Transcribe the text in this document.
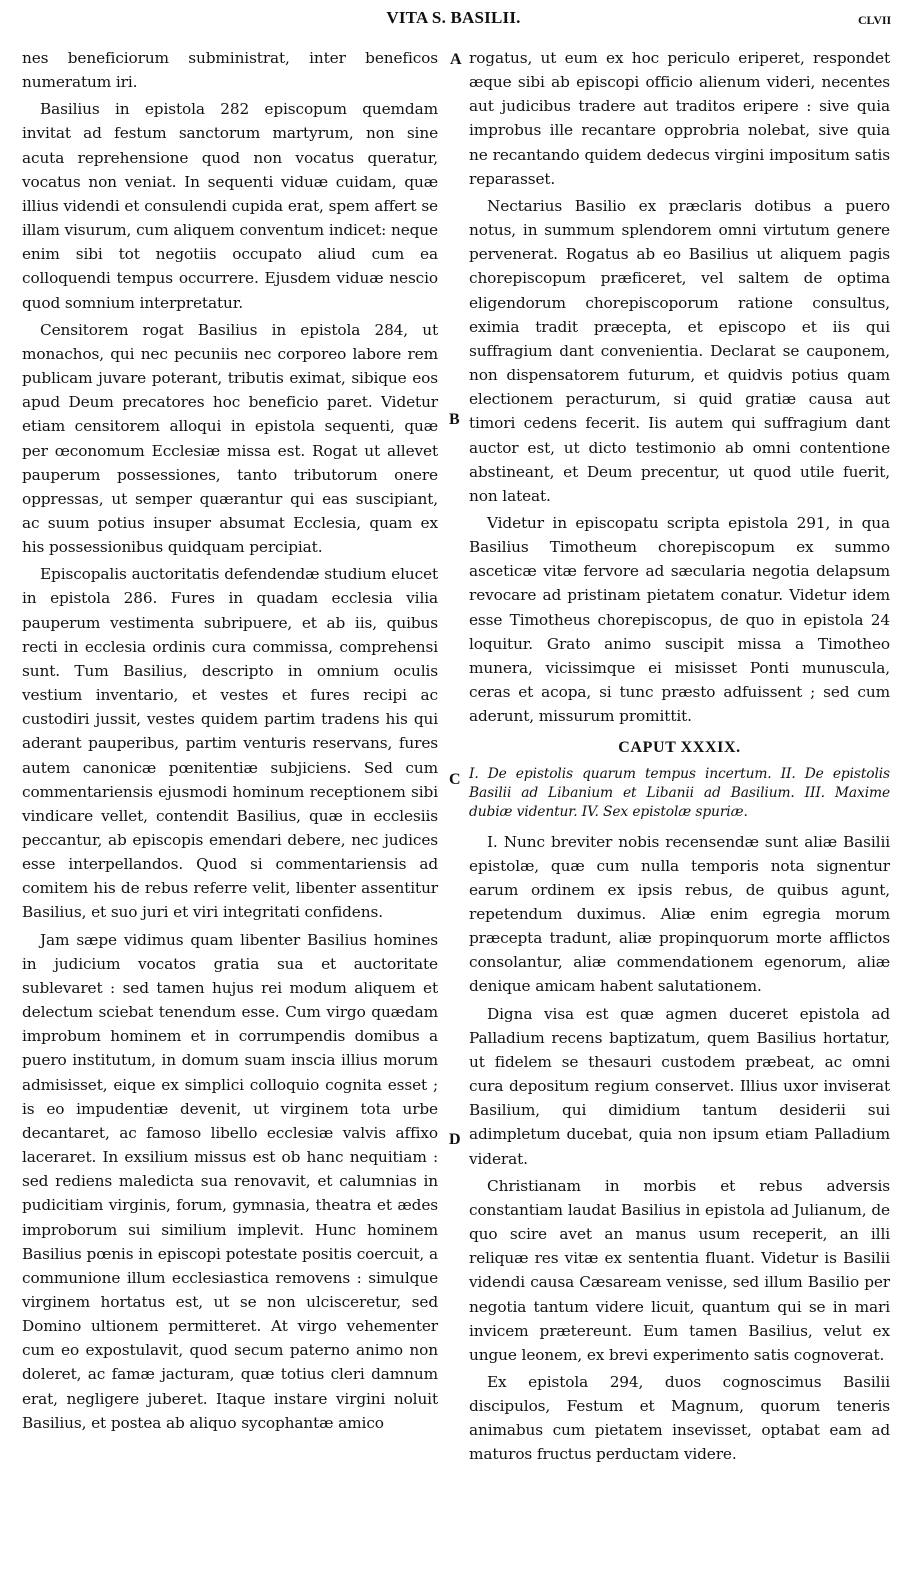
VITA S. BASILII.	CLVII
A
B
C
D

nes beneficiorum subministrat, inter beneficos numeratum iri.

Basilius in epistola 282 episcopum quemdam invitat ad festum sanctorum martyrum, non sine acuta reprehensione quod non vocatus queratur, vocatus non veniat. In sequenti viduæ cuidam, quæ illius videndi et consulendi cupida erat, spem affert se illam visurum, cum aliquem conventum indicet: neque enim sibi tot negotiis occupato aliud cum ea colloquendi tempus occurrere. Ejusdem viduæ nescio quod somnium interpretatur.

Censitorem rogat Basilius in epistola 284, ut monachos, qui nec pecuniis nec corporeo labore rem publicam juvare poterant, tributis eximat, sibique eos apud Deum precatores hoc beneficio paret. Videtur etiam censitorem alloqui in epistola sequenti, quæ per œconomum Ecclesiæ missa est. Rogat ut allevet pauperum possessiones, tanto tributorum onere oppressas, ut semper quærantur qui eas suscipiant, ac suum potius insuper absumat Ecclesia, quam ex his possessionibus quidquam percipiat.

Episcopalis auctoritatis defendendæ studium elucet in epistola 286. Fures in quadam ecclesia vilia pauperum vestimenta subripuere, et ab iis, quibus recti in ecclesia ordinis cura commissa, comprehensi sunt. Tum Basilius, descripto in omnium oculis vestium inventario, et vestes et fures recipi ac custodiri jussit, vestes quidem partim tradens his qui aderant pauperibus, partim venturis reservans, fures autem canonicæ pœnitentiæ subjiciens. Sed cum commentariensis ejusmodi hominum receptionem sibi vindicare vellet, contendit Basilius, quæ in ecclesiis peccantur, ab episcopis emendari debere, nec judices esse interpellandos. Quod si commentariensis ad comitem his de rebus referre velit, libenter assentitur Basilius, et suo juri et viri integritati confidens.

Jam sæpe vidimus quam libenter Basilius homines in judicium vocatos gratia sua et auctoritate sublevaret : sed tamen hujus rei modum aliquem et delectum sciebat tenendum esse. Cum virgo quædam improbum hominem et in corrumpendis domibus a puero institutum, in domum suam inscia illius morum admisisset, eique ex simplici colloquio cognita esset ; is eo impudentiæ devenit, ut virginem tota urbe decantaret, ac famoso libello ecclesiæ valvis affixo laceraret. In exsilium missus est ob hanc nequitiam : sed rediens maledicta sua renovavit, et calumnias in pudicitiam virginis, forum, gymnasia, theatra et ædes improborum sui similium implevit. Hunc hominem Basilius pœnis in episcopi potestate positis coercuit, a communione illum ecclesiastica removens : simulque virginem hortatus est, ut se non ulcisceretur, sed Domino ultionem permitteret. At virgo vehementer cum eo expostulavit, quod secum paterno animo non doleret, ac famæ jacturam, quæ totius cleri damnum erat, negligere juberet. Itaque instare virgini noluit Basilius, et postea ab aliquo sycophantæ amico

rogatus, ut eum ex hoc periculo eriperet, respondet æque sibi ab episcopi officio alienum videri, necentes aut judicibus tradere aut traditos eripere : sive quia improbus ille recantare opprobria nolebat, sive quia ne recantando quidem dedecus virgini impositum satis reparasset.

Nectarius Basilio ex præclaris dotibus a puero notus, in summum splendorem omni virtutum genere pervenerat. Rogatus ab eo Basilius ut aliquem pagis chorepiscopum præficeret, vel saltem de optima eligendorum chorepiscoporum ratione consultus, eximia tradit præcepta, et episcopo et iis qui suffragium dant convenientia. Declarat se cauponem, non dispensatorem futurum, et quidvis potius quam electionem peracturum, si quid gratiæ causa aut timori cedens fecerit. Iis autem qui suffragium dant auctor est, ut dicto testimonio ab omni contentione abstineant, et Deum precentur, ut quod utile fuerit, non lateat.

Videtur in episcopatu scripta epistola 291, in qua Basilius Timotheum chorepiscopum ex summo asceticæ vitæ fervore ad sæcularia negotia delapsum revocare ad pristinam pietatem conatur. Videtur idem esse Timotheus chorepiscopus, de quo in epistola 24 loquitur. Grato animo suscipit missa a Timotheo munera, vicissimque ei misisset Ponti munuscula, ceras et acopa, si tunc præsto adfuissent ; sed cum aderunt, missurum promittit.

CAPUT XXXIX.
I. De epistolis quarum tempus incertum. II. De epistolis Basilii ad Libanium et Libanii ad Basilium. III. Maxime dubiæ videntur. IV. Sex epistolæ spuriæ.

I. Nunc breviter nobis recensendæ sunt aliæ Basilii epistolæ, quæ cum nulla temporis nota signentur earum ordinem ex ipsis rebus, de quibus agunt, repetendum duximus. Aliæ enim egregia morum præcepta tradunt, aliæ propinquorum morte afflictos consolantur, aliæ commendationem egenorum, aliæ denique amicam habent salutationem.

Digna visa est quæ agmen duceret epistola ad Palladium recens baptizatum, quem Basilius hortatur, ut fidelem se thesauri custodem præbeat, ac omni cura depositum regium conservet. Illius uxor inviserat Basilium, qui dimidium tantum desiderii sui adimpletum ducebat, quia non ipsum etiam Palladium viderat.

Christianam in morbis et rebus adversis constantiam laudat Basilius in epistola ad Julianum, de quo scire avet an manus usum receperit, an illi reliquæ res vitæ ex sententia fluant. Videtur is Basilii videndi causa Cæsaream venisse, sed illum Basilio per negotia tantum videre licuit, quantum qui se in mari invicem prætereunt. Eum tamen Basilius, velut ex ungue leonem, ex brevi experimento satis cognoverat.

Ex epistola 294, duos cognoscimus Basilii discipulos, Festum et Magnum, quorum teneris animabus cum pietatem insevisset, optabat eam ad maturos fructus perductam videre.
